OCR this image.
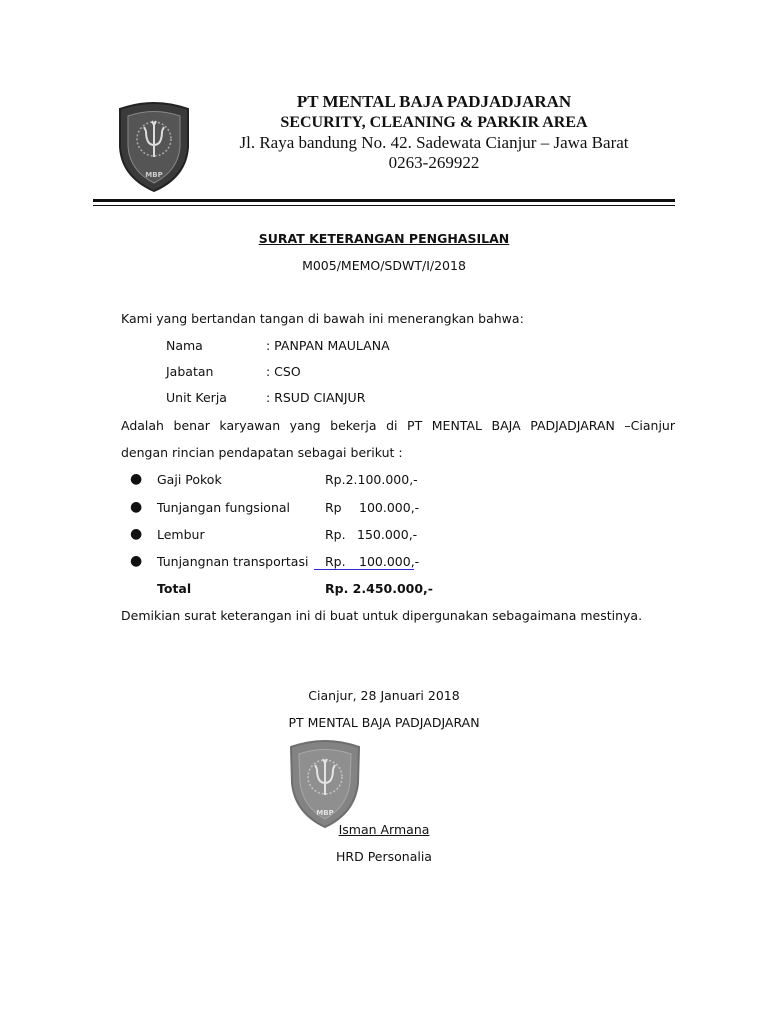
MBP
PT MENTAL BAJA PADJADJARAN
SECURITY, CLEANING & PARKIR AREA
Jl. Raya bandung No. 42. Sadewata Cianjur – Jawa Barat
0263-269922
SURAT KETERANGAN PENGHASILAN
M005/MEMO/SDWT/I/2018
Kami yang bertandan tangan di bawah ini menerangkan bahwa:
Nama	: PANPAN MAULANA
Jabatan	: CSO
Unit Kerja	: RSUD CIANJUR
Adalah benar karyawan yang bekerja di PT MENTAL BAJA PADJADJARAN –Cianjur
dengan rincian pendapatan sebagai berikut :
● Gaji Pokok	Rp.2.100.000,-
● Tunjangan fungsional	Rp 100.000,-
● Lembur	Rp. 150.000,-
● Tunjangnan transportasi Rp. 100.000,-
Total	Rp. 2.450.000,-
Demikian surat keterangan ini di buat untuk dipergunakan sebagaimana mestinya.
Cianjur, 28 Januari 2018
PT MENTAL BAJA PADJADJARAN
MBP
Isman Armana
HRD Personalia
